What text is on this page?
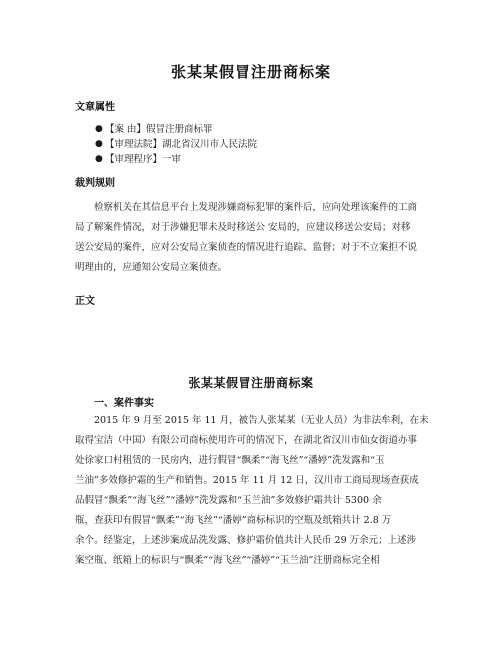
张某某假冒注册商标案
文章属性
● 【案 由】假冒注册商标罪
● 【审理法院】湖北省汉川市人民法院
● 【审理程序】一审
裁判规则
检察机关在其信息平台上发现涉嫌商标犯罪的案件后，应向处理该案件的工商
局了解案件情况，对于涉嫌犯罪未及时移送公 安局的，应建议移送公安局；对移
送公安局的案件，应对公安局立案侦查的情况进行追踪、监督；对于不立案拒不说
明理由的，应通知公安局立案侦查。
正文
张某某假冒注册商标案
一、案件事实
2015 年 9 月至 2015 年 11 月，被告人张某某（无业人员）为非法牟利，在未
取得宝洁（中国）有限公司商标使用许可的情况下，在湖北省汉川市仙女街道办事
处徐家口村租赁的一民房内，进行假冒“飘柔”“海飞丝”“潘婷”洗发露和“玉
兰油”多效修护霜的生产和销售。2015 年 11 月 12 日，汉川市工商局现场查获成
品假冒“飘柔”“海飞丝”“潘婷”洗发露和“玉兰油”多效修护霜共计 5300 余
瓶，查获印有假冒“飘柔”“海飞丝”“潘婷”商标标识的空瓶及纸箱共计 2.8 万
余个。经鉴定，上述涉案成品洗发露、修护霜价值共计人民币 29 万余元；上述涉
案空瓶、纸箱上的标识与“飘柔”“海飞丝”“潘婷”“玉兰油”注册商标完全相
